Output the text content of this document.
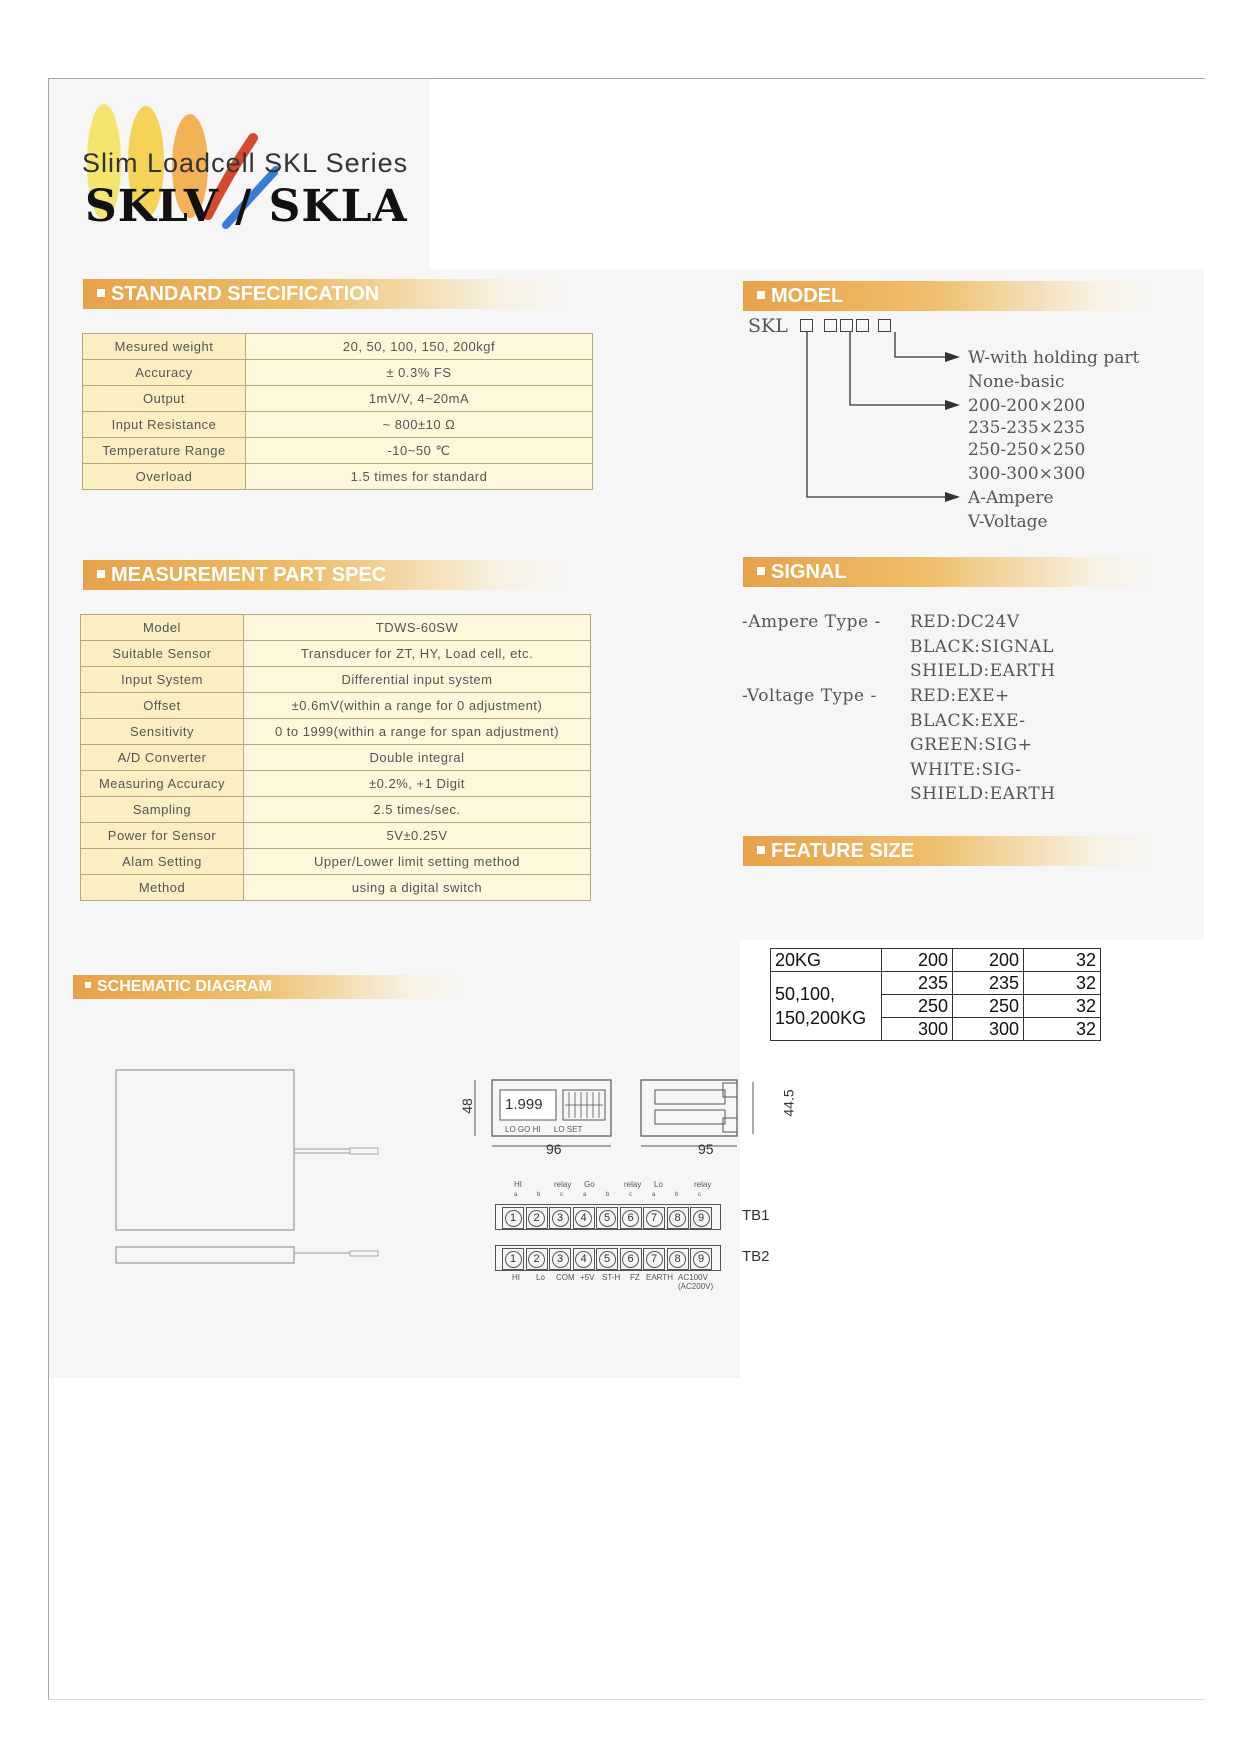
Slim Loadcell SKL Series
SKLV / SKLA
STANDARD SFECIFICATION
Mesured weight	20, 50, 100, 150, 200kgf
Accuracy	± 0.3% FS
Output	1mV/V, 4~20mA
Input Resistance	~ 800±10 Ω
Temperature Range	-10~50 ℃
Overload	1.5 times for standard
MEASUREMENT PART SPEC
Model	TDWS-60SW
Suitable Sensor	Transducer for ZT, HY, Load cell, etc.
Input System	Differential input system
Offset	±0.6mV(within a range for 0 adjustment)
Sensitivity	0 to 1999(within a range for span adjustment)
A/D Converter	Double integral
Measuring Accuracy	±0.2%, +1 Digit
Sampling	2.5 times/sec.
Power for Sensor	5V±0.25V
Alam Setting	Upper/Lower limit setting method
Method	using a digital switch
MODEL
SKL
W-with holding part
None-basic
200-200×200
235-235×235
250-250×250
300-300×300
A-Ampere
V-Voltage
SIGNAL
-Ampere Type - RED:DC24V
BLACK:SIGNAL
SHIELD:EARTH
-Voltage Type - RED:EXE+
BLACK:EXE-
GREEN:SIG+
WHITE:SIG-
SHIELD:EARTH
FEATURE SIZE
20KG	200	200	32

50,100,
150,200KG	235	235	32
	250	250	32
	300	300	32
SCHEMATIC DIAGRAM
1.999
LO GO HI      LO SET
48
96	95
44.5
HI	relay Go	relay Lo	relay
a	b	c	a	b	c	a	b	c
1	2	3	4	5	6	7	8	9	TB1
1	2	3	4	5	6	7	8	9	TB2
HI Lo COM +5V ST-H FZ EARTH AC100V
(AC200V)
